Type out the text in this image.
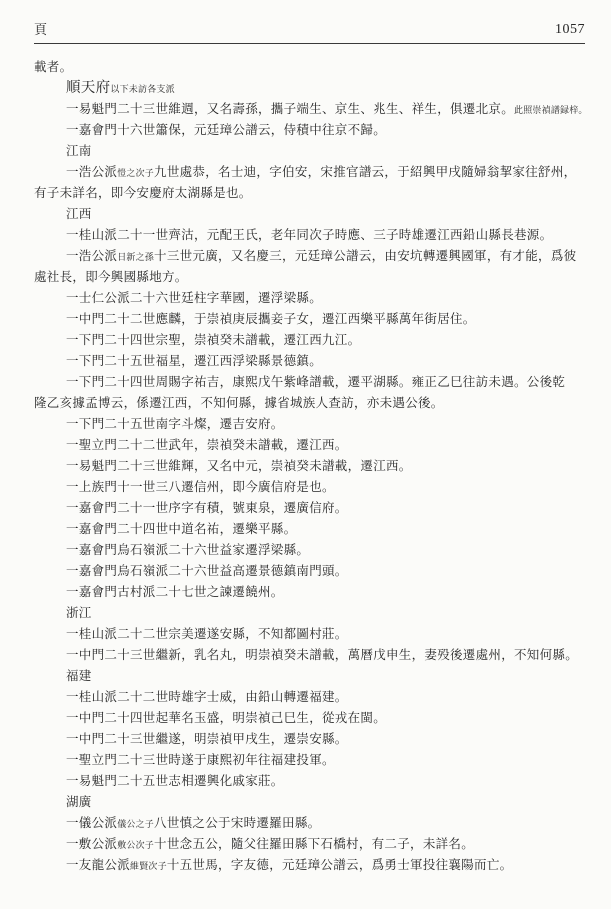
頁	1057
載者。
順天府以下未訪各支派
一易魁門二十三世維週，又名壽孫，攜子端生、京生、兆生、祥生，俱遷北京。此照崇禎譜録梓。
一嘉會門十六世簫保，元廷璋公譜云，侍積中往京不歸。
江南
一浩公派愷之次子九世處恭，名士迪，字伯安，宋推官譜云，于紹興甲戌隨婦翁挈家往舒州，
有子未詳名，即今安慶府太湖縣是也。
江西
一桂山派二十一世齊沽，元配王氏，老年同次子時應、三子時雄遷江西鉛山縣長巷源。
一浩公派日新之孫十三世元廣，又名慶三，元廷璋公譜云，由安坑轉遷興國軍，有才能，爲彼
處社長，即今興國縣地方。
一士仁公派二十六世廷柱字華國，遷浮梁縣。
一中門二十二世應麟，于崇禎庚辰攜妾子女，遷江西樂平縣萬年街居住。
一下門二十四世宗聖，崇禎癸未譜載，遷江西九江。
一下門二十五世福星，遷江西浮梁縣景德鎮。
一下門二十四世周賜字祐吉，康熙戊午紫峰譜載，遷平湖縣。雍正乙巳往訪未遇。公後乾
隆乙亥據孟博云，係遷江西，不知何縣，據省城族人查訪，亦未遇公後。
一下門二十五世南字斗燦，遷吉安府。
一聖立門二十二世武年，崇禎癸未譜載，遷江西。
一易魁門二十三世維輝，又名中元，崇禎癸未譜載，遷江西。
一上族門十一世三八遷信州，即今廣信府是也。
一嘉會門二十一世序字有積，號東泉，遷廣信府。
一嘉會門二十四世中道名祐，遷樂平縣。
一嘉會門烏石嶺派二十六世益家遷浮梁縣。
一嘉會門烏石嶺派二十六世益高遷景德鎮南門頭。
一嘉會門古村派二十七世之諫遷饒州。
浙江
一桂山派二十二世宗美遷遂安縣，不知都圖村莊。
一中門二十三世繼新，乳名丸，明崇禎癸未譜載，萬曆戊申生，妻殁後遷處州，不知何縣。
福建
一桂山派二十二世時雄字士威，由鉛山轉遷福建。
一中門二十四世起華名玉盛，明崇禎己巳生，從戎在閩。
一中門二十三世繼遂，明崇禎甲戌生，遷崇安縣。
一聖立門二十三世時遂于康熙初年往福建投軍。
一易魁門二十五世志相遷興化戚家莊。
湖廣
一儀公派儀公之子八世慎之公于宋時遷羅田縣。
一敷公派敷公次子十世念五公，隨父往羅田縣下石橋村，有二子，未詳名。
一友龍公派維賢次子十五世馬，字友德，元廷璋公譜云，爲勇士軍投往襄陽而亡。
